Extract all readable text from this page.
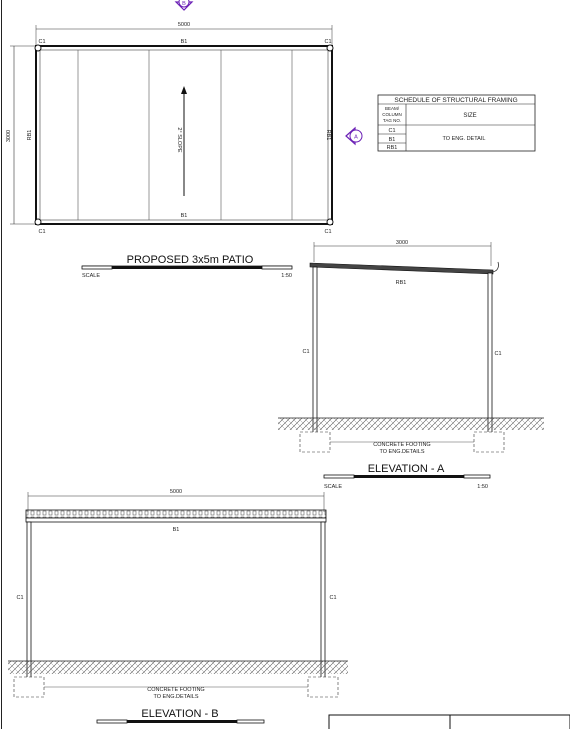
5000
3000
C1	C1
C1	C1
B1
B1
RB1	RB1
2° SLOPE
B
A
PROPOSED 3x5m PATIO
SCALE	1:50
SCHEDULE OF STRUCTURAL FRAMING
BEAM/
COLUMN
TAG NO.
SIZE
C1
B1
RB1
TO ENG. DETAIL
3000
RB1
C1	C1
CONCRETE FOOTING
TO ENG.DETAILS
ELEVATION - A
SCALE	1:50
5000
B1
C1	C1
CONCRETE FOOTING
TO ENG.DETAILS
ELEVATION - B
